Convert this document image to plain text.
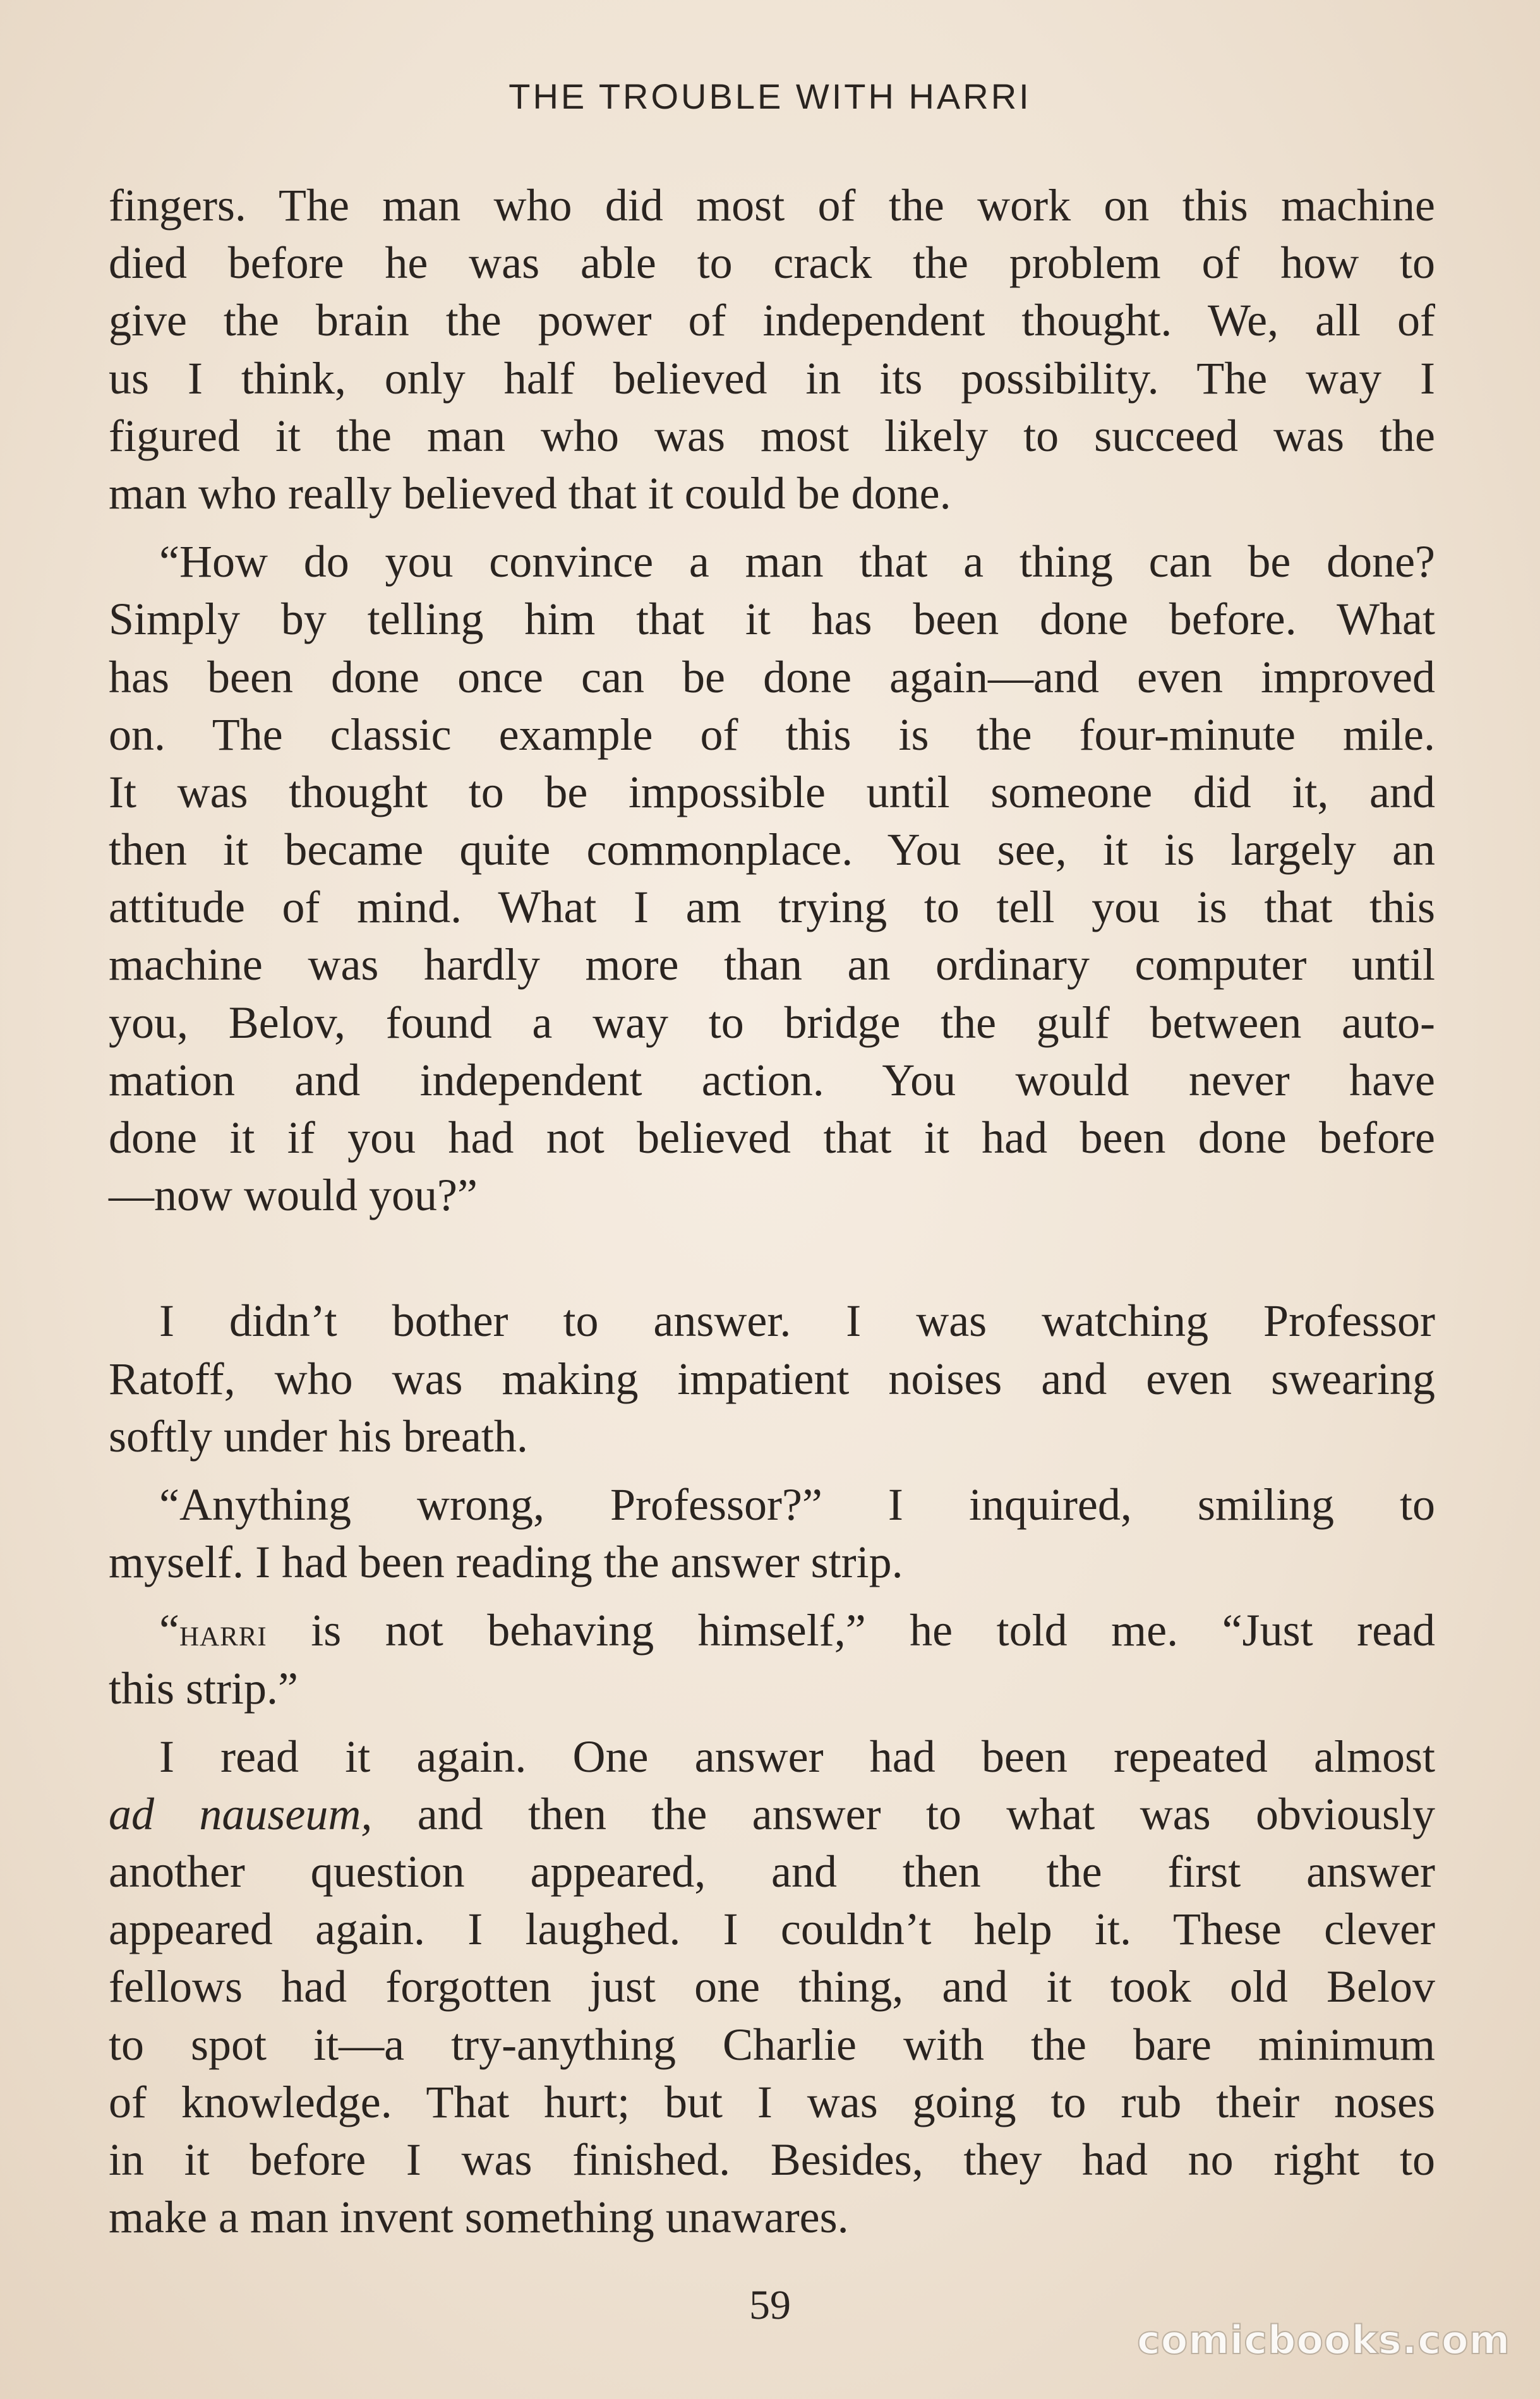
THE TROUBLE WITH HARRI
fingers. The man who did most of the work on this machine
died before he was able to crack the problem of how to
give the brain the power of independent thought. We, all of
us I think, only half believed in its possibility. The way I
figured it the man who was most likely to succeed was the
man who really believed that it could be done.
“How do you convince a man that a thing can be done?
Simply by telling him that it has been done before. What
has been done once can be done again—and even improved
on. The classic example of this is the four-minute mile.
It was thought to be impossible until someone did it, and
then it became quite commonplace. You see, it is largely an
attitude of mind. What I am trying to tell you is that this
machine was hardly more than an ordinary computer until
you, Belov, found a way to bridge the gulf between auto-
mation and independent action. You would never have
done it if you had not believed that it had been done before
—now would you?”
I didn’t bother to answer. I was watching Professor
Ratoff, who was making impatient noises and even swearing
softly under his breath.
“Anything wrong, Professor?” I inquired, smiling to
myself. I had been reading the answer strip.
“harri is not behaving himself,” he told me. “Just read
this strip.”
I read it again. One answer had been repeated almost
ad nauseum, and then the answer to what was obviously
another question appeared, and then the first answer
appeared again. I laughed. I couldn’t help it. These clever
fellows had forgotten just one thing, and it took old Belov
to spot it—a try-anything Charlie with the bare minimum
of knowledge. That hurt; but I was going to rub their noses
in it before I was finished. Besides, they had no right to
make a man invent something unawares.
59
comicbooks.com
